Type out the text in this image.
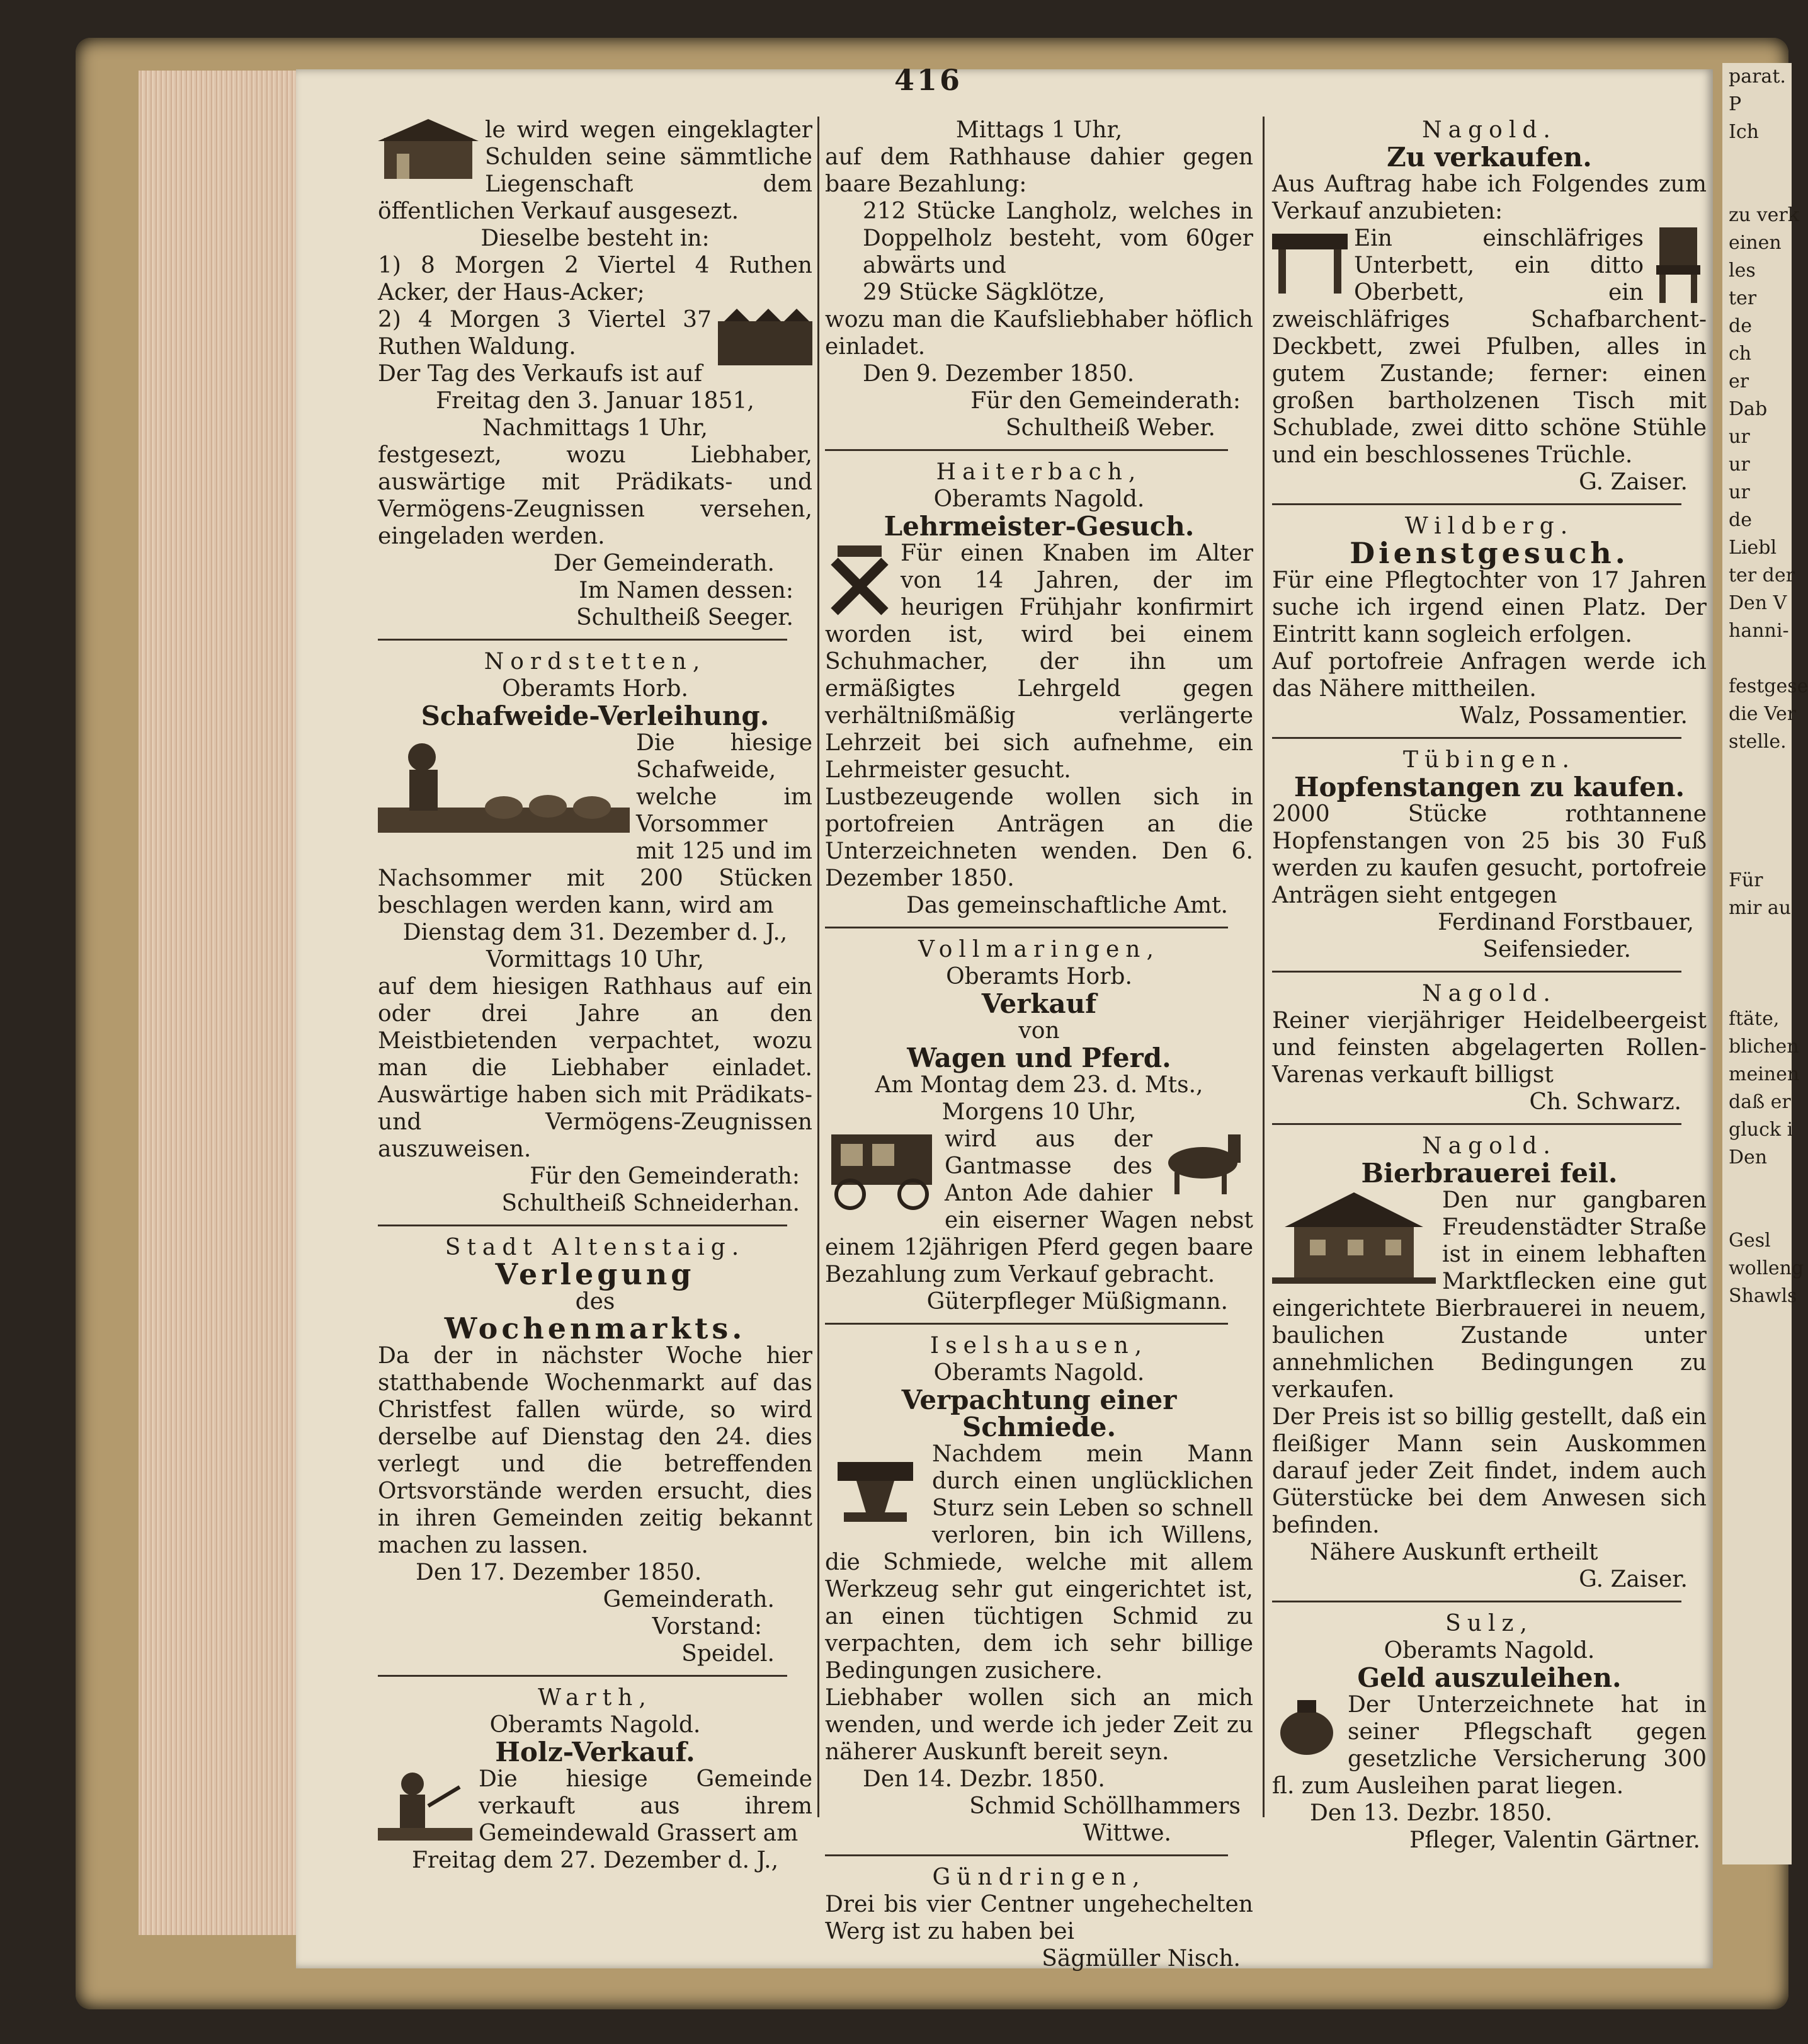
parat.
P
Ich

zu verk
einen
les
ter
de
ch
er
Dab
ur
ur
ur
de
Liebl
ter der
Den V
hanni-

festgese
die Ver
stelle.

Für
mir au

ftäte,
blichen
meinen
daß er
gluck i
Den

Gesl
wolleng
Shawls
416

le wird wegen eingeklagter Schulden seine sämmtliche Liegenschaft dem öffentlichen Verkauf ausgesezt.

Dieselbe besteht in:

1) 8 Morgen 2 Viertel 4 Ruthen Acker, der Haus-Acker;

2) 4 Morgen 3 Viertel 37 Ruthen Waldung.

Der Tag des Verkaufs ist auf

Freitag den 3. Januar 1851,

Nachmittags 1 Uhr,

festgesezt, wozu Liebhaber, auswärtige mit Prädikats- und Vermögens-Zeugnissen versehen, eingeladen werden.

Der Gemeinderath.

Im Namen dessen:

Schultheiß Seeger.

Nordstetten,

Oberamts Horb.

Schafweide-Verleihung.

Die hiesige Schafweide, welche im Vorsommer mit 125 und im Nachsommer mit 200 Stücken beschlagen werden kann, wird am

Dienstag dem 31. Dezember d. J.,

Vormittags 10 Uhr,

auf dem hiesigen Rathhaus auf ein oder drei Jahre an den Meistbietenden verpachtet, wozu man die Liebhaber einladet. Auswärtige haben sich mit Prädikats- und Vermögens-Zeugnissen auszuweisen.

Für den Gemeinderath:

Schultheiß Schneiderhan.

Stadt Altenstaig.

Verlegung

des

Wochenmarkts.

Da der in nächster Woche hier statthabende Wochenmarkt auf das Christfest fallen würde, so wird derselbe auf Dienstag den 24. dies verlegt und die betreffenden Ortsvorstände werden ersucht, dies in ihren Gemeinden zeitig bekannt machen zu lassen.

Den 17. Dezember 1850.

Gemeinderath.

Vorstand:

Speidel.

Warth,

Oberamts Nagold.

Holz-Verkauf.

Die hiesige Gemeinde verkauft aus ihrem Gemeindewald Grassert am

Freitag dem 27. Dezember d. J.,

Mittags 1 Uhr,

auf dem Rathhause dahier gegen baare Bezahlung:

212 Stücke Langholz, welches in Doppelholz besteht, vom 60ger abwärts und

29 Stücke Sägklötze,

wozu man die Kaufsliebhaber höflich einladet.

Den 9. Dezember 1850.

Für den Gemeinderath:

Schultheiß Weber.

Haiterbach,

Oberamts Nagold.

Lehrmeister-Gesuch.

Für einen Knaben im Alter von 14 Jahren, der im heurigen Frühjahr konfirmirt worden ist, wird bei einem Schuhmacher, der ihn um ermäßigtes Lehrgeld gegen verhältnißmäßig verlängerte Lehrzeit bei sich aufnehme, ein Lehrmeister gesucht.

Lustbezeugende wollen sich in portofreien Anträgen an die Unterzeichneten wenden. Den 6. Dezember 1850.

Das gemeinschaftliche Amt.

Vollmaringen,

Oberamts Horb.

Verkauf

von

Wagen und Pferd.

Am Montag dem 23. d. Mts.,

Morgens 10 Uhr,

wird aus der Gantmasse des Anton Ade dahier ein eiserner Wagen nebst einem 12jährigen Pferd gegen baare Bezahlung zum Verkauf gebracht.

Güterpfleger Müßigmann.

Iselshausen,

Oberamts Nagold.

Verpachtung einer Schmiede.

Nachdem mein Mann durch einen unglücklichen Sturz sein Leben so schnell verloren, bin ich Willens, die Schmiede, welche mit allem Werkzeug sehr gut eingerichtet ist, an einen tüchtigen Schmid zu verpachten, dem ich sehr billige Bedingungen zusichere.

Liebhaber wollen sich an mich wenden, und werde ich jeder Zeit zu näherer Auskunft bereit seyn.

Den 14. Dezbr. 1850.

Schmid Schöllhammers

Wittwe.

Gündringen,

Drei bis vier Centner ungehechelten Werg ist zu haben bei

Sägmüller Nisch.

Nagold.

Zu verkaufen.

Aus Auftrag habe ich Folgendes zum Verkauf anzubieten:

Ein einschläfriges Unterbett, ein ditto Oberbett, ein zweischläfriges Schafbarchent-Deckbett, zwei Pfulben, alles in gutem Zustande; ferner: einen großen bartholzenen Tisch mit Schublade, zwei ditto schöne Stühle und ein beschlossenes Trüchle.

G. Zaiser.

Wildberg.

Dienstgesuch.

Für eine Pflegtochter von 17 Jahren suche ich irgend einen Platz. Der Eintritt kann sogleich erfolgen.

Auf portofreie Anfragen werde ich das Nähere mittheilen.

Walz, Possamentier.

Tübingen.

Hopfenstangen zu kaufen.

2000 Stücke rothtannene Hopfenstangen von 25 bis 30 Fuß werden zu kaufen gesucht, portofreie Anträgen sieht entgegen

Ferdinand Forstbauer,

Seifensieder.

Nagold.

Reiner vierjähriger Heidelbeergeist und feinsten abgelagerten Rollen-Varenas verkauft billigst

Ch. Schwarz.

Nagold.

Bierbrauerei feil.

Den nur gangbaren Freudenstädter Straße ist in einem lebhaften Marktflecken eine gut eingerichtete Bierbrauerei in neuem, baulichen Zustande unter annehmlichen Bedingungen zu verkaufen.

Der Preis ist so billig gestellt, daß ein fleißiger Mann sein Auskommen darauf jeder Zeit findet, indem auch Güterstücke bei dem Anwesen sich befinden.

Nähere Auskunft ertheilt

G. Zaiser.

Sulz,

Oberamts Nagold.

Geld auszuleihen.

Der Unterzeichnete hat in seiner Pflegschaft gegen gesetzliche Versicherung 300 fl. zum Ausleihen parat liegen.

Den 13. Dezbr. 1850.

Pfleger, Valentin Gärtner.
